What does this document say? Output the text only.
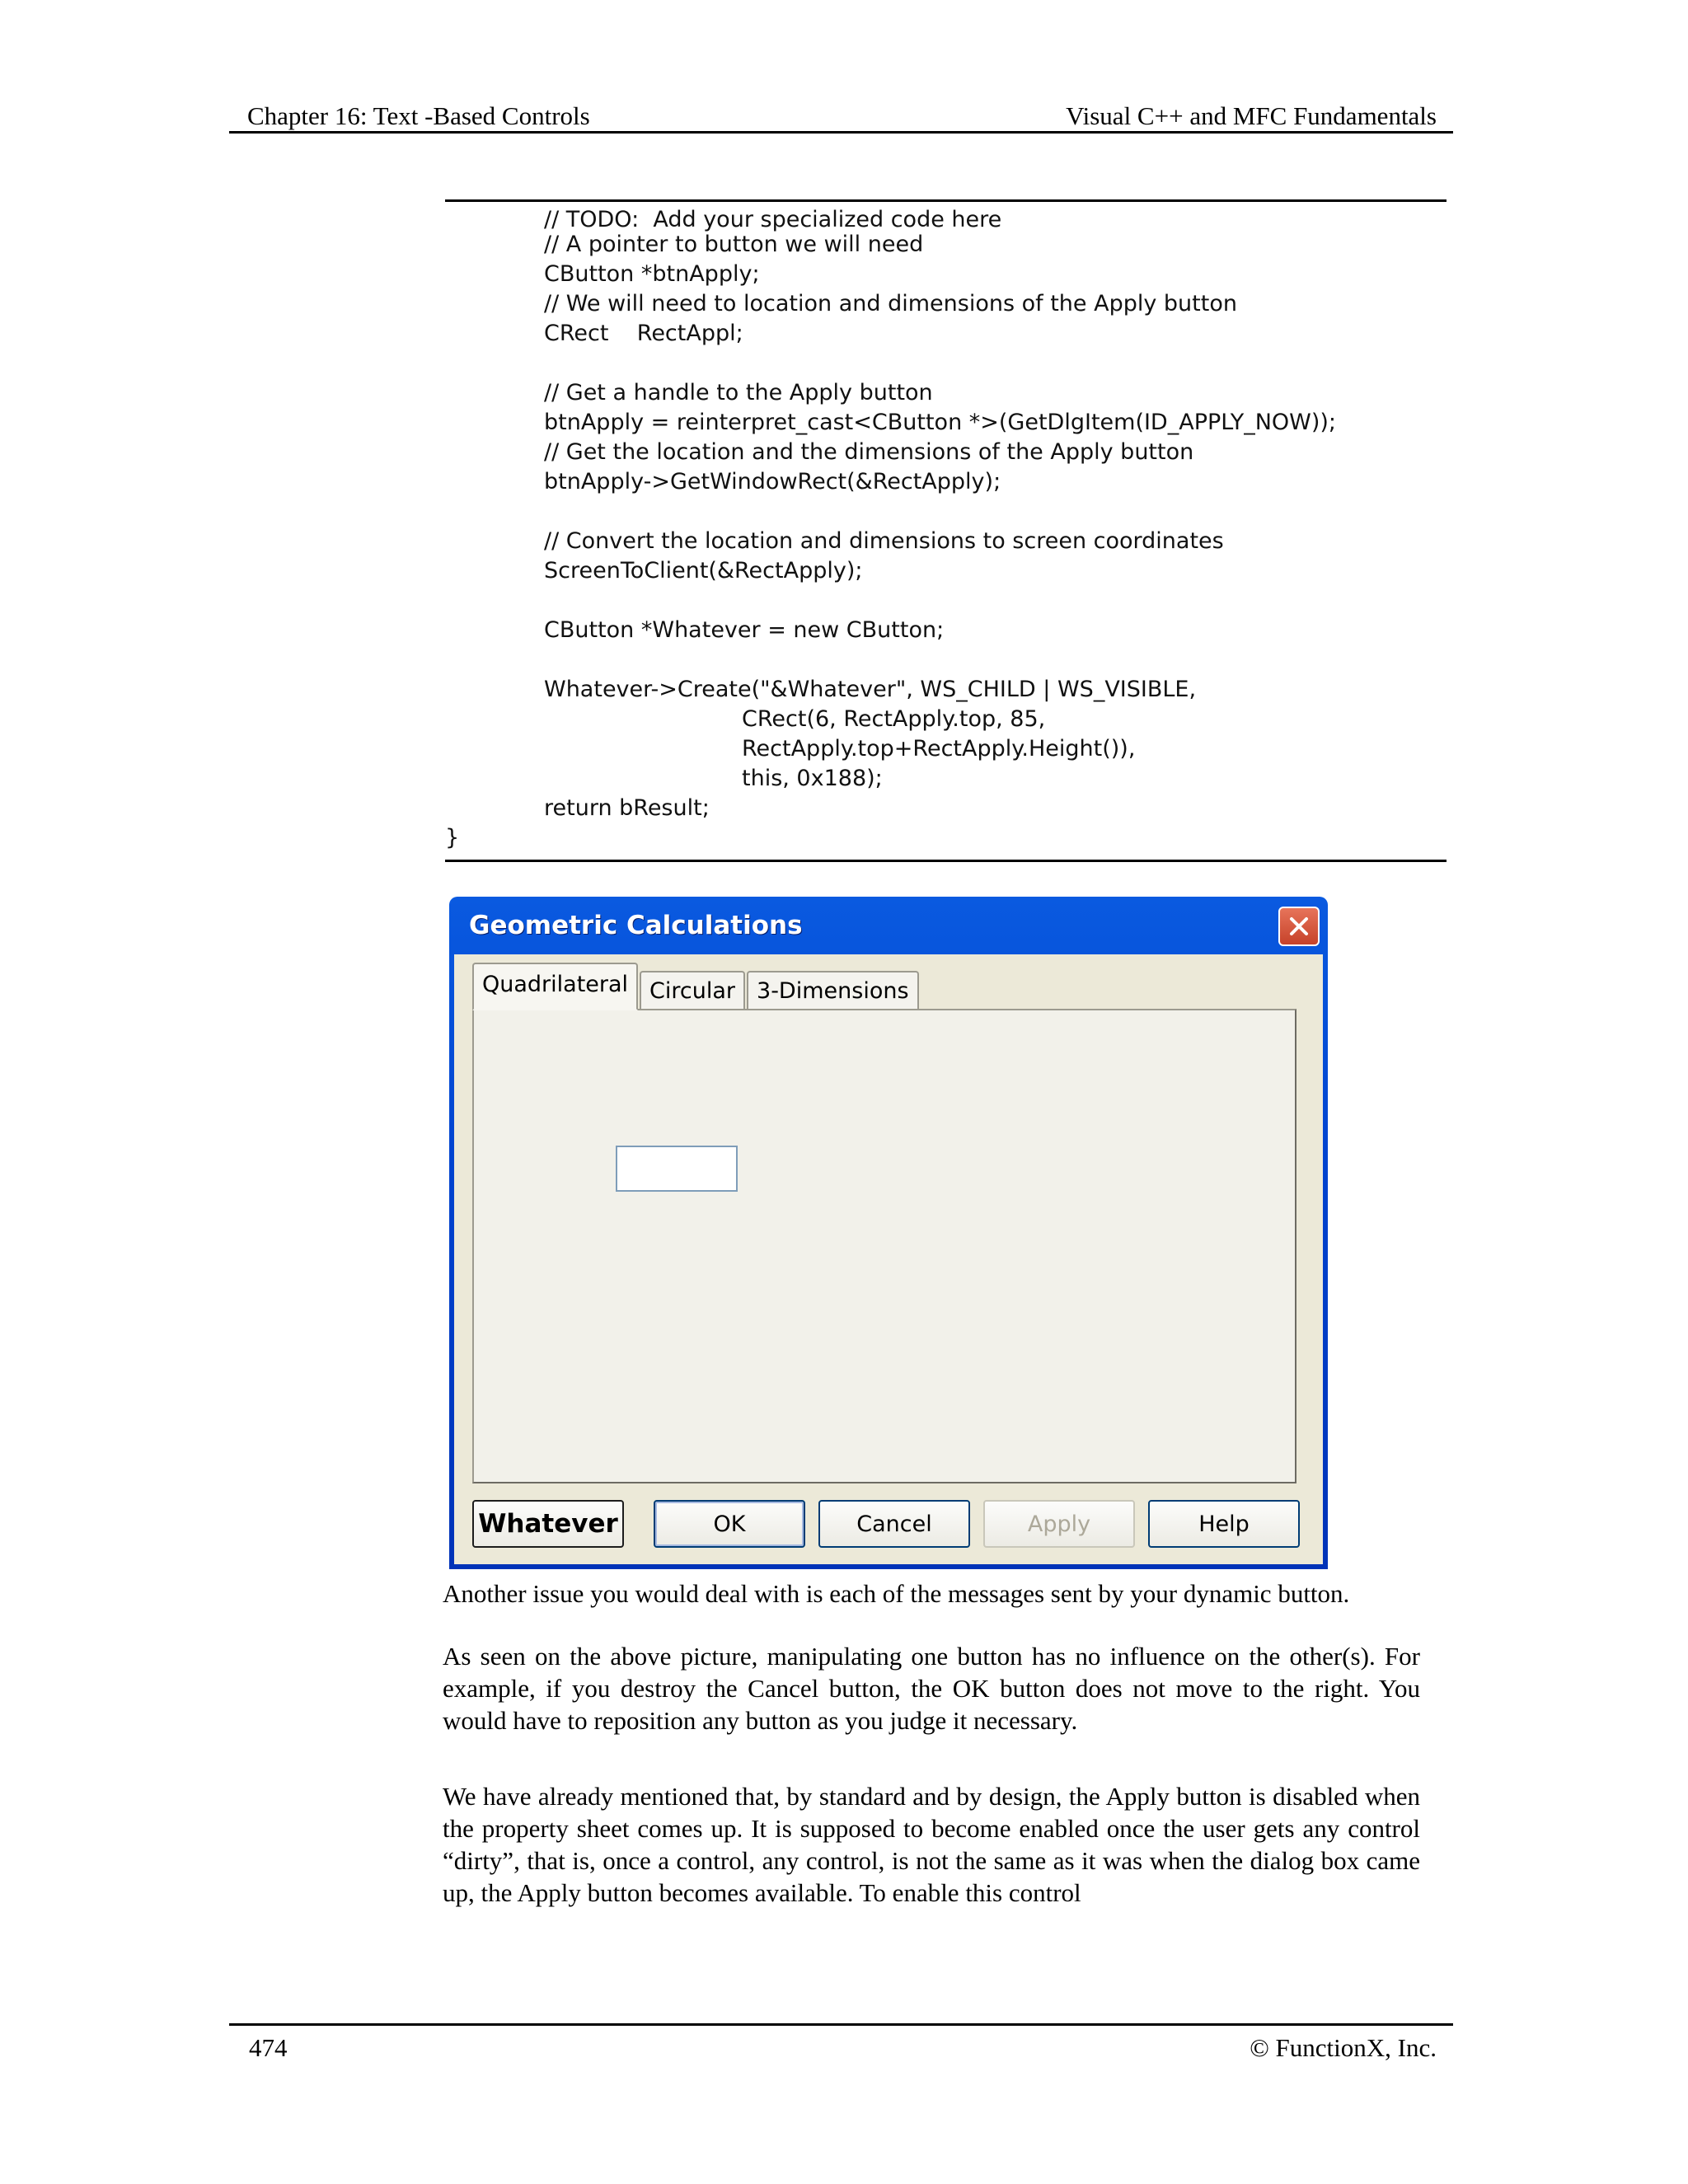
Chapter 16: Text -Based Controls	Visual C++ and MFC Fundamentals
// TODO:  Add your specialized code here
// A pointer to button we will need
CButton *btnApply;
// We will need to location and dimensions of the Apply button
CRect    RectAppl;
// Get a handle to the Apply button
btnApply = reinterpret_cast<CButton *>(GetDlgItem(ID_APPLY_NOW));
// Get the location and the dimensions of the Apply button
btnApply->GetWindowRect(&RectApply);
// Convert the location and dimensions to screen coordinates
ScreenToClient(&RectApply);
CButton *Whatever = new CButton;
Whatever->Create("&Whatever", WS_CHILD | WS_VISIBLE,
CRect(6, RectApply.top, 85,
RectApply.top+RectApply.Height()),
this, 0x188);
return bResult;
}
Geometric Calculations
Quadrilateral Circular 3-Dimensions
Whatever	OK	Cancel	Apply	Help

Another issue you would deal with is each of the messages sent by your dynamic button.

As seen on the above picture, manipulating one button has no influence on the other(s). For example, if you destroy the Cancel button, the OK button does not move to the right. You would have to reposition any button as you judge it necessary.

We have already mentioned that, by standard and by design, the Apply button is disabled when the property sheet comes up. It is supposed to become enabled once the user gets any control “dirty”, that is, once a control, any control, is not the same as it was when the dialog box came up, the Apply button becomes available. To enable this control

474	© FunctionX, Inc.
